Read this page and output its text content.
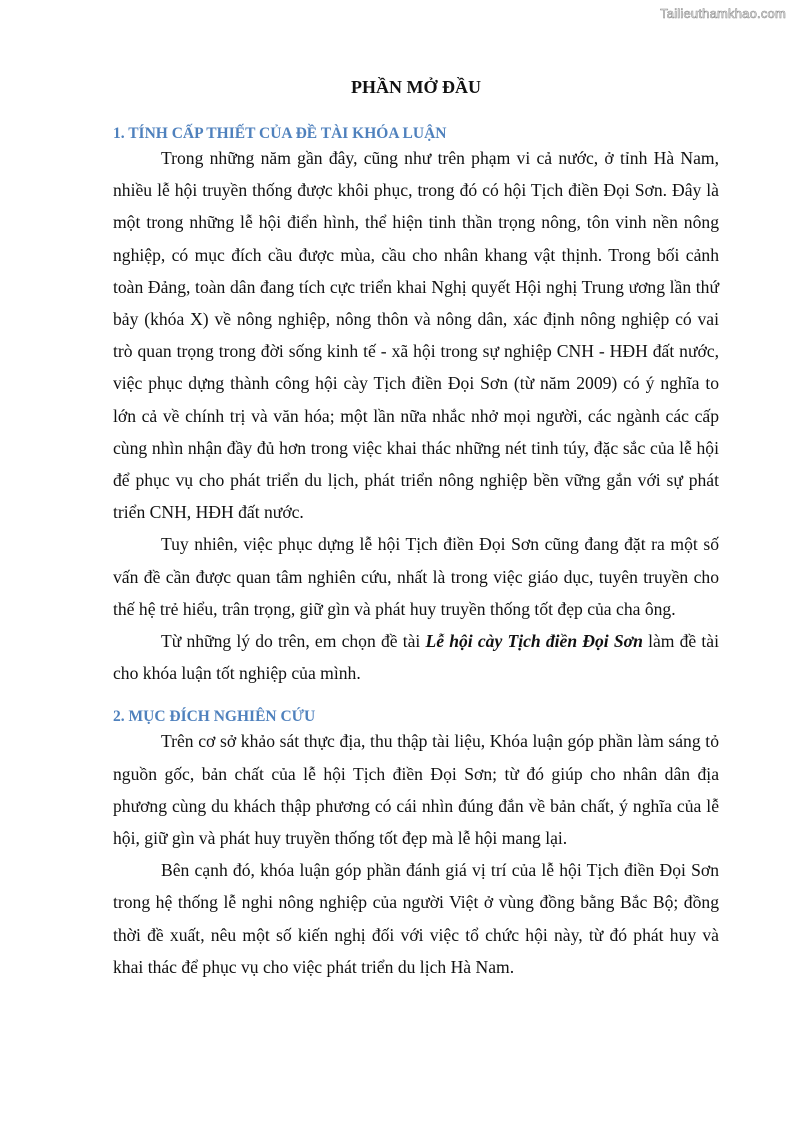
Tailieuthamkhao.com
PHẦN MỞ ĐẦU
1. TÍNH CẤP THIẾT CỦA ĐỀ TÀI KHÓA LUẬN

Trong những năm gần đây, cũng như trên phạm vi cả nước, ở tỉnh Hà Nam, nhiều lễ hội truyền thống được khôi phục, trong đó có hội Tịch điền Đọi Sơn. Đây là một trong những lễ hội điển hình, thể hiện tinh thần trọng nông, tôn vinh nền nông nghiệp, có mục đích cầu được mùa, cầu cho nhân khang vật thịnh. Trong bối cảnh toàn Đảng, toàn dân đang tích cực triển khai Nghị quyết Hội nghị Trung ương lần thứ bảy (khóa X) về nông nghiệp, nông thôn và nông dân, xác định nông nghiệp có vai trò quan trọng trong đời sống kinh tế - xã hội trong sự nghiệp CNH - HĐH đất nước, việc phục dựng thành công hội cày Tịch điền Đọi Sơn (từ năm 2009) có ý nghĩa to lớn cả về chính trị và văn hóa; một lần nữa nhắc nhở mọi người, các ngành các cấp cùng nhìn nhận đầy đủ hơn trong việc khai thác những nét tinh túy, đặc sắc của lễ hội để phục vụ cho phát triển du lịch, phát triển nông nghiệp bền vững gắn với sự phát triển CNH, HĐH đất nước.

Tuy nhiên, việc phục dựng lễ hội Tịch điền Đọi Sơn cũng đang đặt ra một số vấn đề cần được quan tâm nghiên cứu, nhất là trong việc giáo dục, tuyên truyền cho thế hệ trẻ hiểu, trân trọng, giữ gìn và phát huy truyền thống tốt đẹp của cha ông.

Từ những lý do trên, em chọn đề tài Lễ hội cày Tịch điền Đọi Sơn làm đề tài cho khóa luận tốt nghiệp của mình.

2. MỤC ĐÍCH NGHIÊN CỨU

Trên cơ sở khảo sát thực địa, thu thập tài liệu, Khóa luận góp phần làm sáng tỏ nguồn gốc, bản chất của lễ hội Tịch điền Đọi Sơn; từ đó giúp cho nhân dân địa phương cùng du khách thập phương có cái nhìn đúng đắn về bản chất, ý nghĩa của lễ hội, giữ gìn và phát huy truyền thống tốt đẹp mà lễ hội mang lại.

Bên cạnh đó, khóa luận góp phần đánh giá vị trí của lễ hội Tịch điền Đọi Sơn trong hệ thống lễ nghi nông nghiệp của người Việt ở vùng đồng bằng Bắc Bộ; đồng thời đề xuất, nêu một số kiến nghị đối với việc tổ chức hội này, từ đó phát huy và khai thác để phục vụ cho việc phát triển du lịch Hà Nam.
